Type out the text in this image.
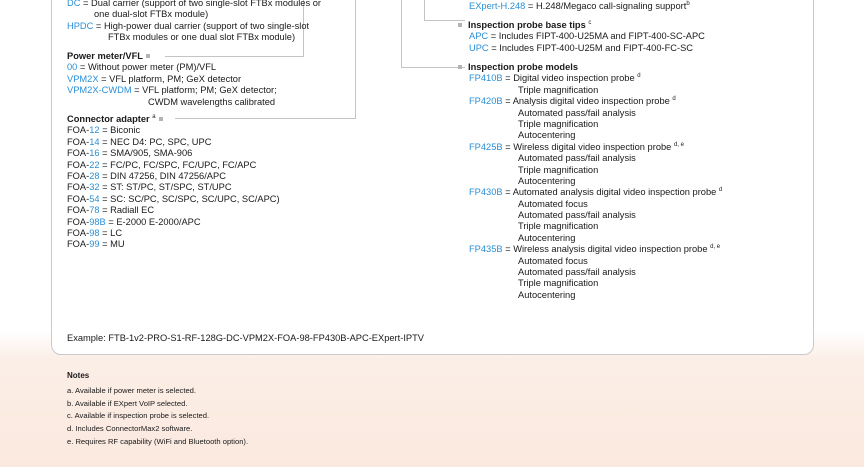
DC = Dual carrier (support of two single-slot FTBx modules or
one dual-slot FTBx module)
HPDC = High-power dual carrier (support of two single-slot
FTBx modules or one dual slot FTBx module)
Power meter/VFL
00 = Without power meter (PM)/VFL
VPM2X = VFL platform, PM; GeX detector
VPM2X-CWDM = VFL platform; PM; GeX detector;
CWDM wavelengths calibrated
Connector adapter $^a$
FOA-12 = Biconic
FOA-14 = NEC D4: PC, SPC, UPC
FOA-16 = SMA/905, SMA-906
FOA-22 = FC/PC, FC/SPC, FC/UPC, FC/APC
FOA-28 = DIN 47256, DIN 47256/APC
FOA-32 = ST: ST/PC, ST/SPC, ST/UPC
FOA-54 = SC: SC/PC, SC/SPC, SC/UPC, SC/APC)
FOA-78 = Radiall EC
FOA-98B = E-2000 E-2000/APC
FOA-98 = LC
FOA-99 = MU
EXpert-H.248 = H.248/Megaco call-signaling support$^b$
Inspection probe base tips $^c$
APC = Includes FIPT-400-U25MA and FIPT-400-SC-APC
UPC = Includes FIPT-400-U25M and FIPT-400-FC-SC
Inspection probe models
FP410B = Digital video inspection probe $^d$
Triple magnification
FP420B = Analysis digital video inspection probe $^d$
Automated pass/fail analysis
Triple magnification
Autocentering
FP425B = Wireless digital video inspection probe $^{d, e}$
Automated pass/fail analysis
Triple magnification
Autocentering
FP430B = Automated analysis digital video inspection probe $^d$
Automated focus
Automated pass/fail analysis
Triple magnification
Autocentering
FP435B = Wireless analysis digital video inspection probe $^{d, e}$
Automated focus
Automated pass/fail analysis
Triple magnification
Autocentering
Example: FTB-1v2-PRO-S1-RF-128G-DC-VPM2X-FOA-98-FP430B-APC-EXpert-IPTV
Notes
a. Available if power meter is selected.
b. Available if EXpert VoIP selected.
c. Available if inspection probe is selected.
d. Includes ConnectorMax2 software.
e. Requires RF capability (WiFi and Bluetooth option).
